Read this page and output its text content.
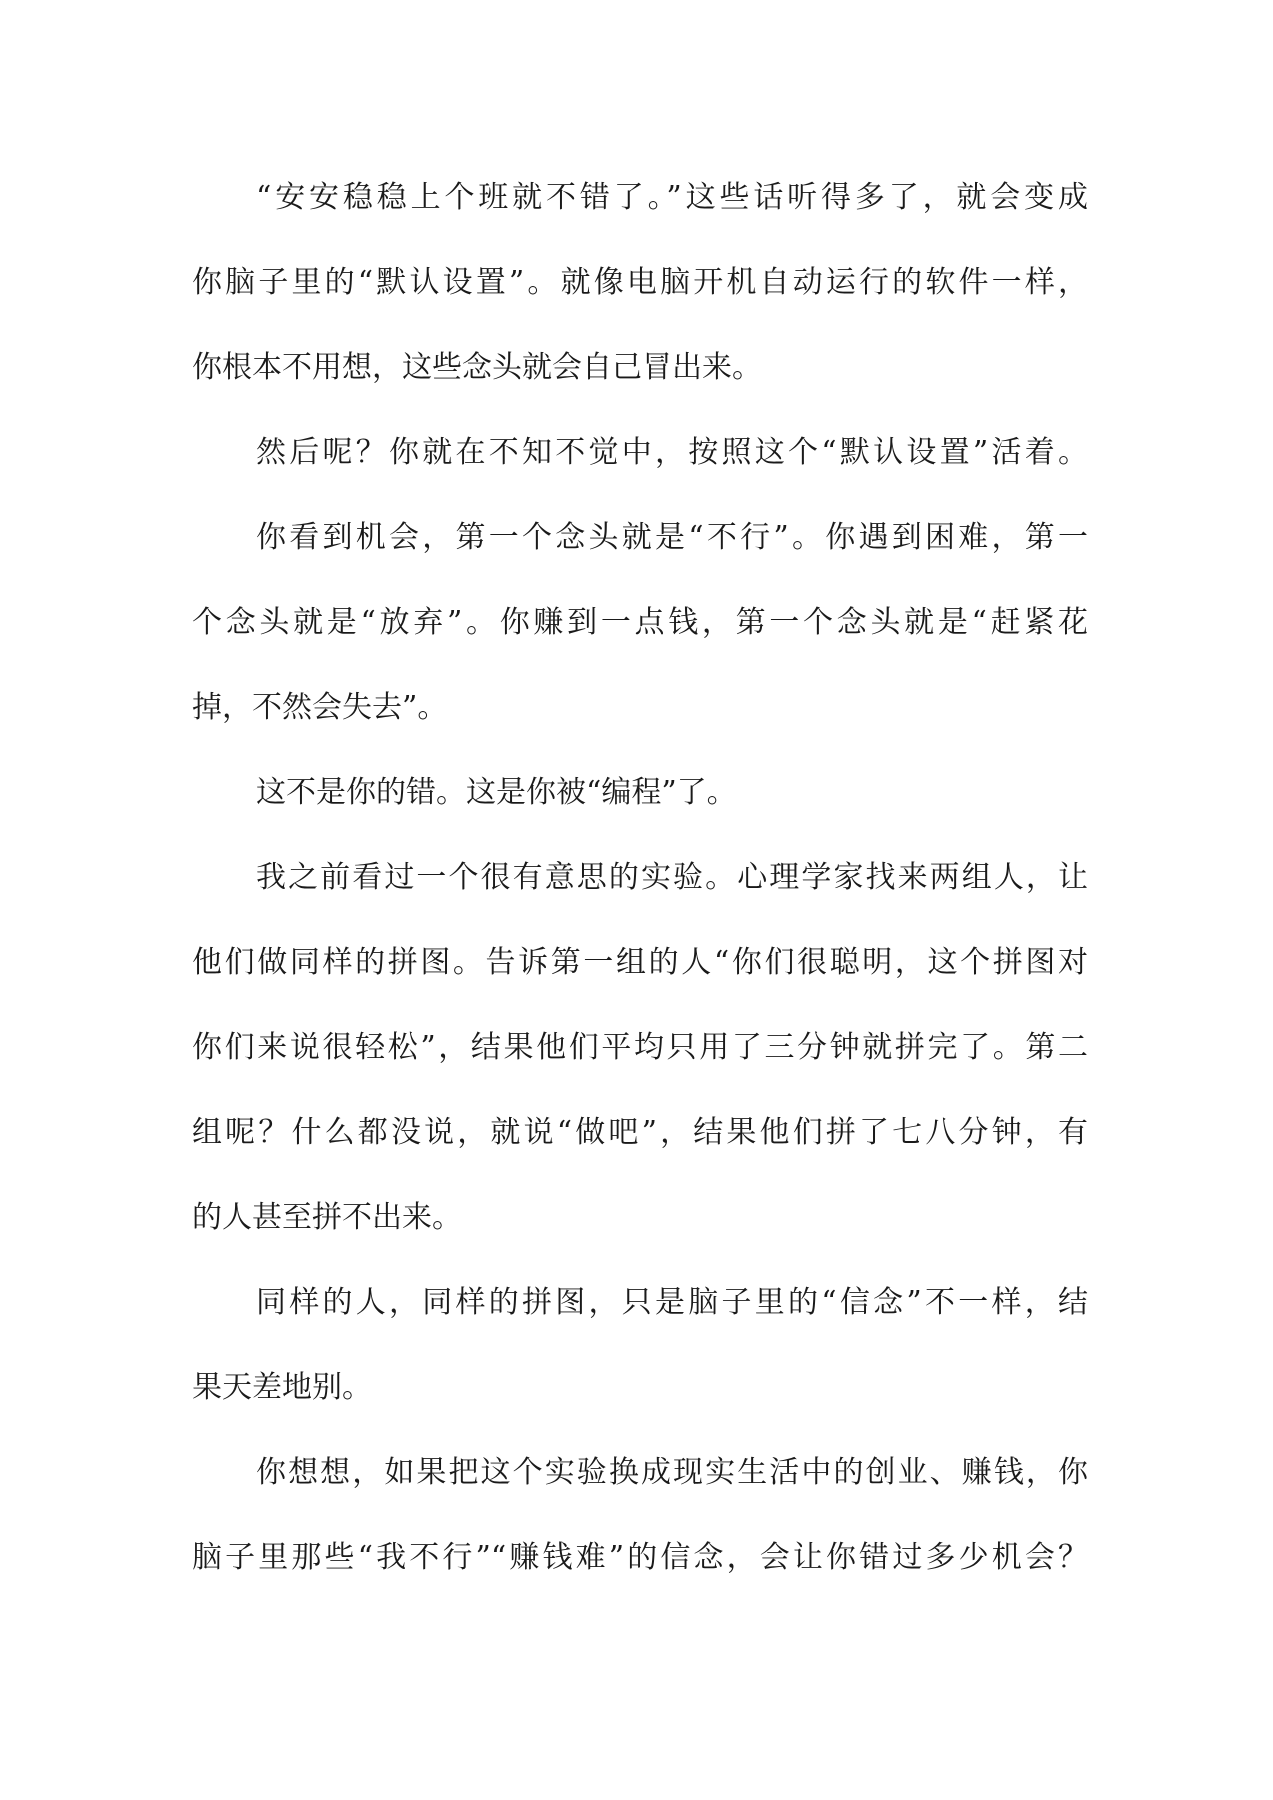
“安安稳稳上个班就不错了。”这些话听得多了，就会变成
你脑子里的“默认设置”。就像电脑开机自动运行的软件一样，
你根本不用想，这些念头就会自己冒出来。
然后呢？你就在不知不觉中，按照这个“默认设置”活着。
你看到机会，第一个念头就是“不行”。你遇到困难，第一
个念头就是“放弃”。你赚到一点钱，第一个念头就是“赶紧花
掉，不然会失去”。
这不是你的错。这是你被“编程”了。
我之前看过一个很有意思的实验。心理学家找来两组人，让
他们做同样的拼图。告诉第一组的人“你们很聪明，这个拼图对
你们来说很轻松”，结果他们平均只用了三分钟就拼完了。第二
组呢？什么都没说，就说“做吧”，结果他们拼了七八分钟，有
的人甚至拼不出来。
同样的人，同样的拼图，只是脑子里的“信念”不一样，结
果天差地别。
你想想，如果把这个实验换成现实生活中的创业、赚钱，你
脑子里那些“我不行”“赚钱难”的信念，会让你错过多少机会？
